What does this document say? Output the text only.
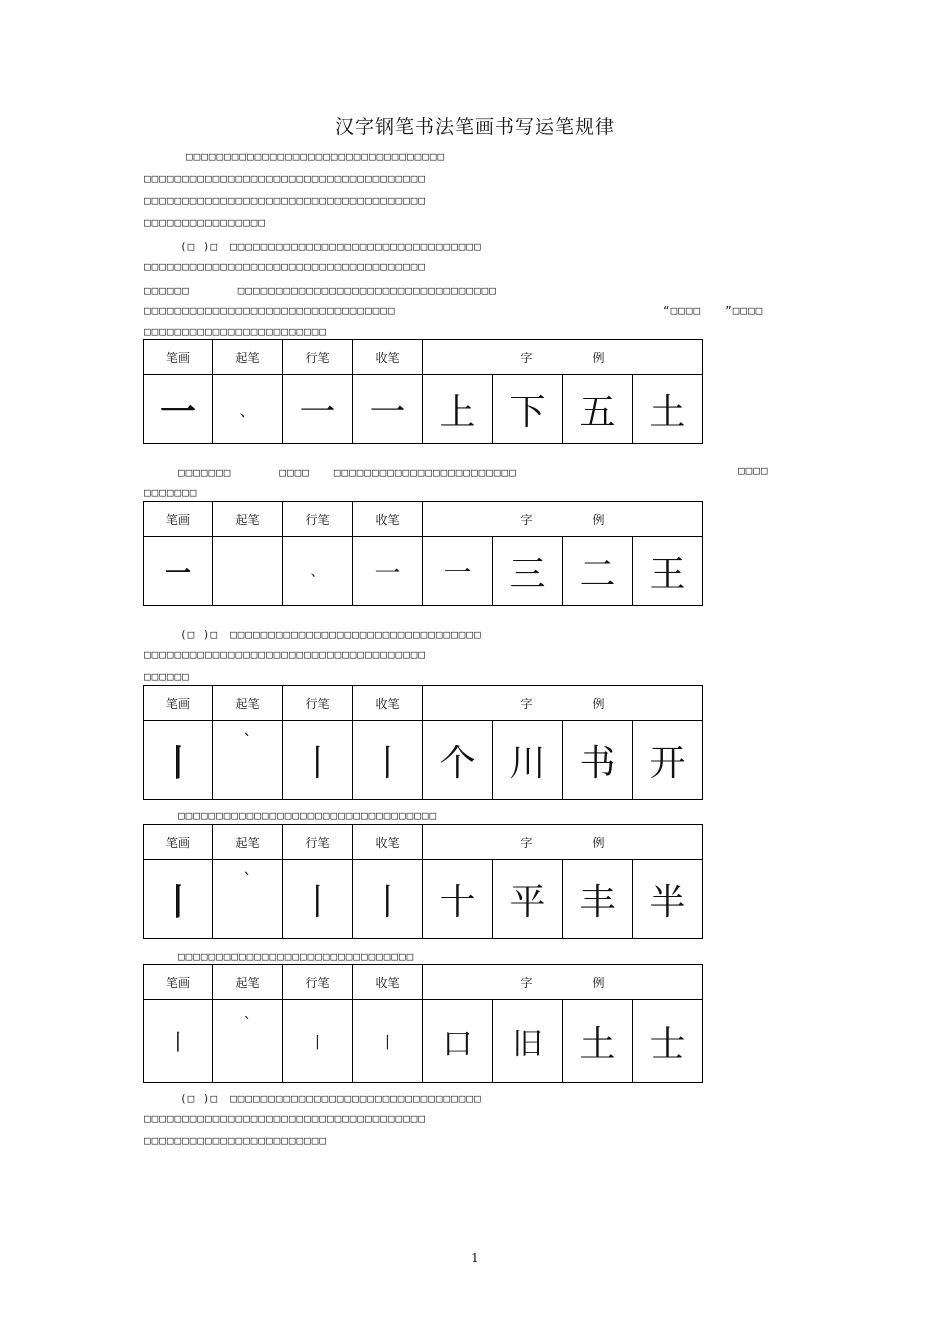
汉字钢笔书法笔画书写运笔规律
□□□□□□□□□□□□□□□□□□□□□□□□□□□□□□□□□□
□□□□□□□□□□□□□□□□□□□□□□□□□□□□□□□□□□□□□
□□□□□□□□□□□□□□□□□□□□□□□□□□□□□□□□□□□□□
□□□□□□□□□□□□□□□□
(□ )□　□□□□□□□□□□□□□□□□□□□□□□□□□□□□□□□□□
□□□□□□□□□□□□□□□□□□□□□□□□□□□□□□□□□□□□□
□□□□□□　　　　□□□□□□□□□□□□□□□□□□□□□□□□□□□□□□□□□□
□□□□□□□□□□□□□□□□□□□□□□□□□□□□□□□□□	“□□□□　　”□□□□
□□□□□□□□□□□□□□□□□□□□□□□□
笔画	起笔	行笔	收笔	字 例			
一	、	一	一	上	下	五	土
□□□□□□□　　　　□□□□　　□□□□□□□□□□□□□□□□□□□□□□□□	□□□□
□□□□□□□
笔画	起笔	行笔	收笔	字 例			
一		、	一	一	三	二	王
(□ )□　□□□□□□□□□□□□□□□□□□□□□□□□□□□□□□□□□
□□□□□□□□□□□□□□□□□□□□□□□□□□□□□□□□□□□□□
□□□□□□
笔画	起笔	行笔	收笔	字 例			
丨	`	丨	丨	个	川	书	开
□□□□□□□□□□□□□□□□□□□□□□□□□□□□□□□□□□
笔画	起笔	行笔	收笔	字 例			
丨	`	丨	丨	十	平	丰	半
□□□□□□□□□□□□□□□□□□□□□□□□□□□□□□□
笔画	起笔	行笔	收笔	字 例			
丨	`	丨	丨	口	旧	土	士
(□ )□　□□□□□□□□□□□□□□□□□□□□□□□□□□□□□□□□□
□□□□□□□□□□□□□□□□□□□□□□□□□□□□□□□□□□□□□
□□□□□□□□□□□□□□□□□□□□□□□□
1
